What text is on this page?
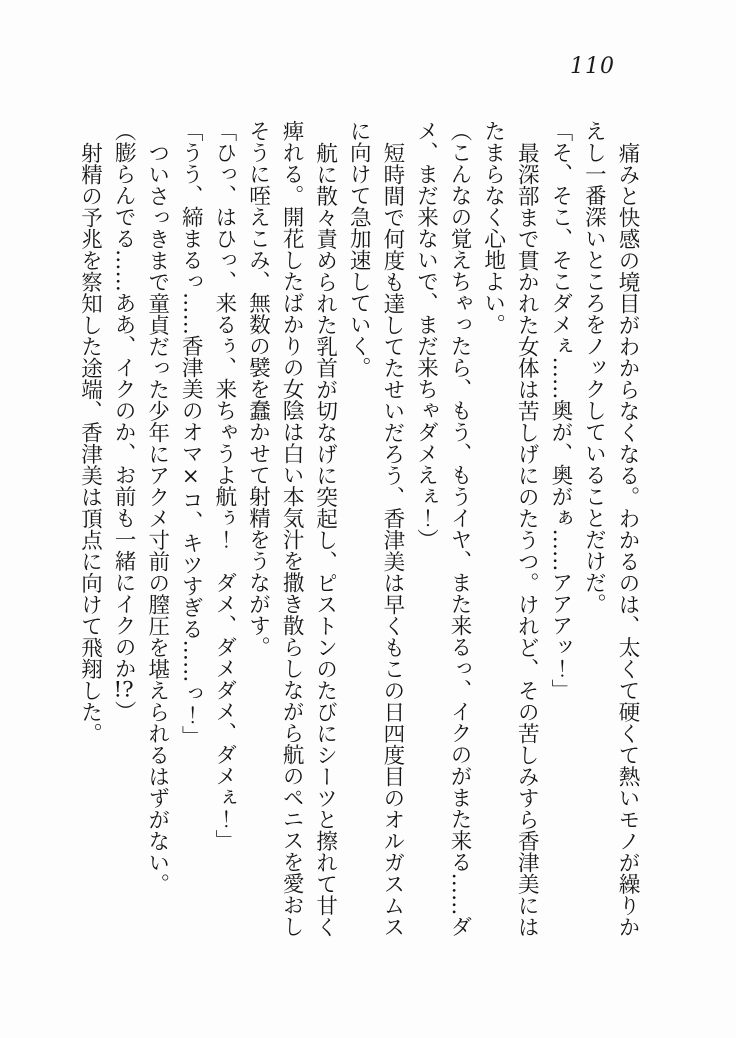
110

痛みと快感の境目がわからなくなる。わかるのは、太くて硬くて熱いモノが繰りかえし一番深いところをノックしていることだけだ。

「そ、そこ、そこダメぇ……奥が、奥がぁ……アアアッ！」

最深部まで貫かれた女体は苦しげにのたうつ。けれど、その苦しみすら香津美にはたまらなく心地よい。

（こんなの覚えちゃったら、もう、もうイヤ、また来るっ、イクのがまた来る……ダメ、まだ来ないで、まだ来ちゃダメえぇ！）

短時間で何度も達してたせいだろう、香津美は早くもこの日四度目のオルガスムスに向けて急加速していく。

航に散々責められた乳首が切なげに突起し、ピストンのたびにシーツと擦れて甘く痺れる。開花したばかりの女陰は白い本気汁を撒き散らしながら航のペニスを愛おしそうに咥えこみ、無数の襞を蠢かせて射精をうながす。

「ひっ、はひっ、来るぅ、来ちゃうよ航ぅ！　ダメ、ダメダメ、ダメぇ！」

「うう、締まるっ……香津美のオマ×コ、キツすぎる……っ！」

ついさっきまで童貞だった少年にアクメ寸前の膣圧を堪えられるはずがない。

（膨らんでる……ああ、イクのか、お前も一緒にイクのか!?）

射精の予兆を察知した途端、香津美は頂点に向けて飛翔した。
